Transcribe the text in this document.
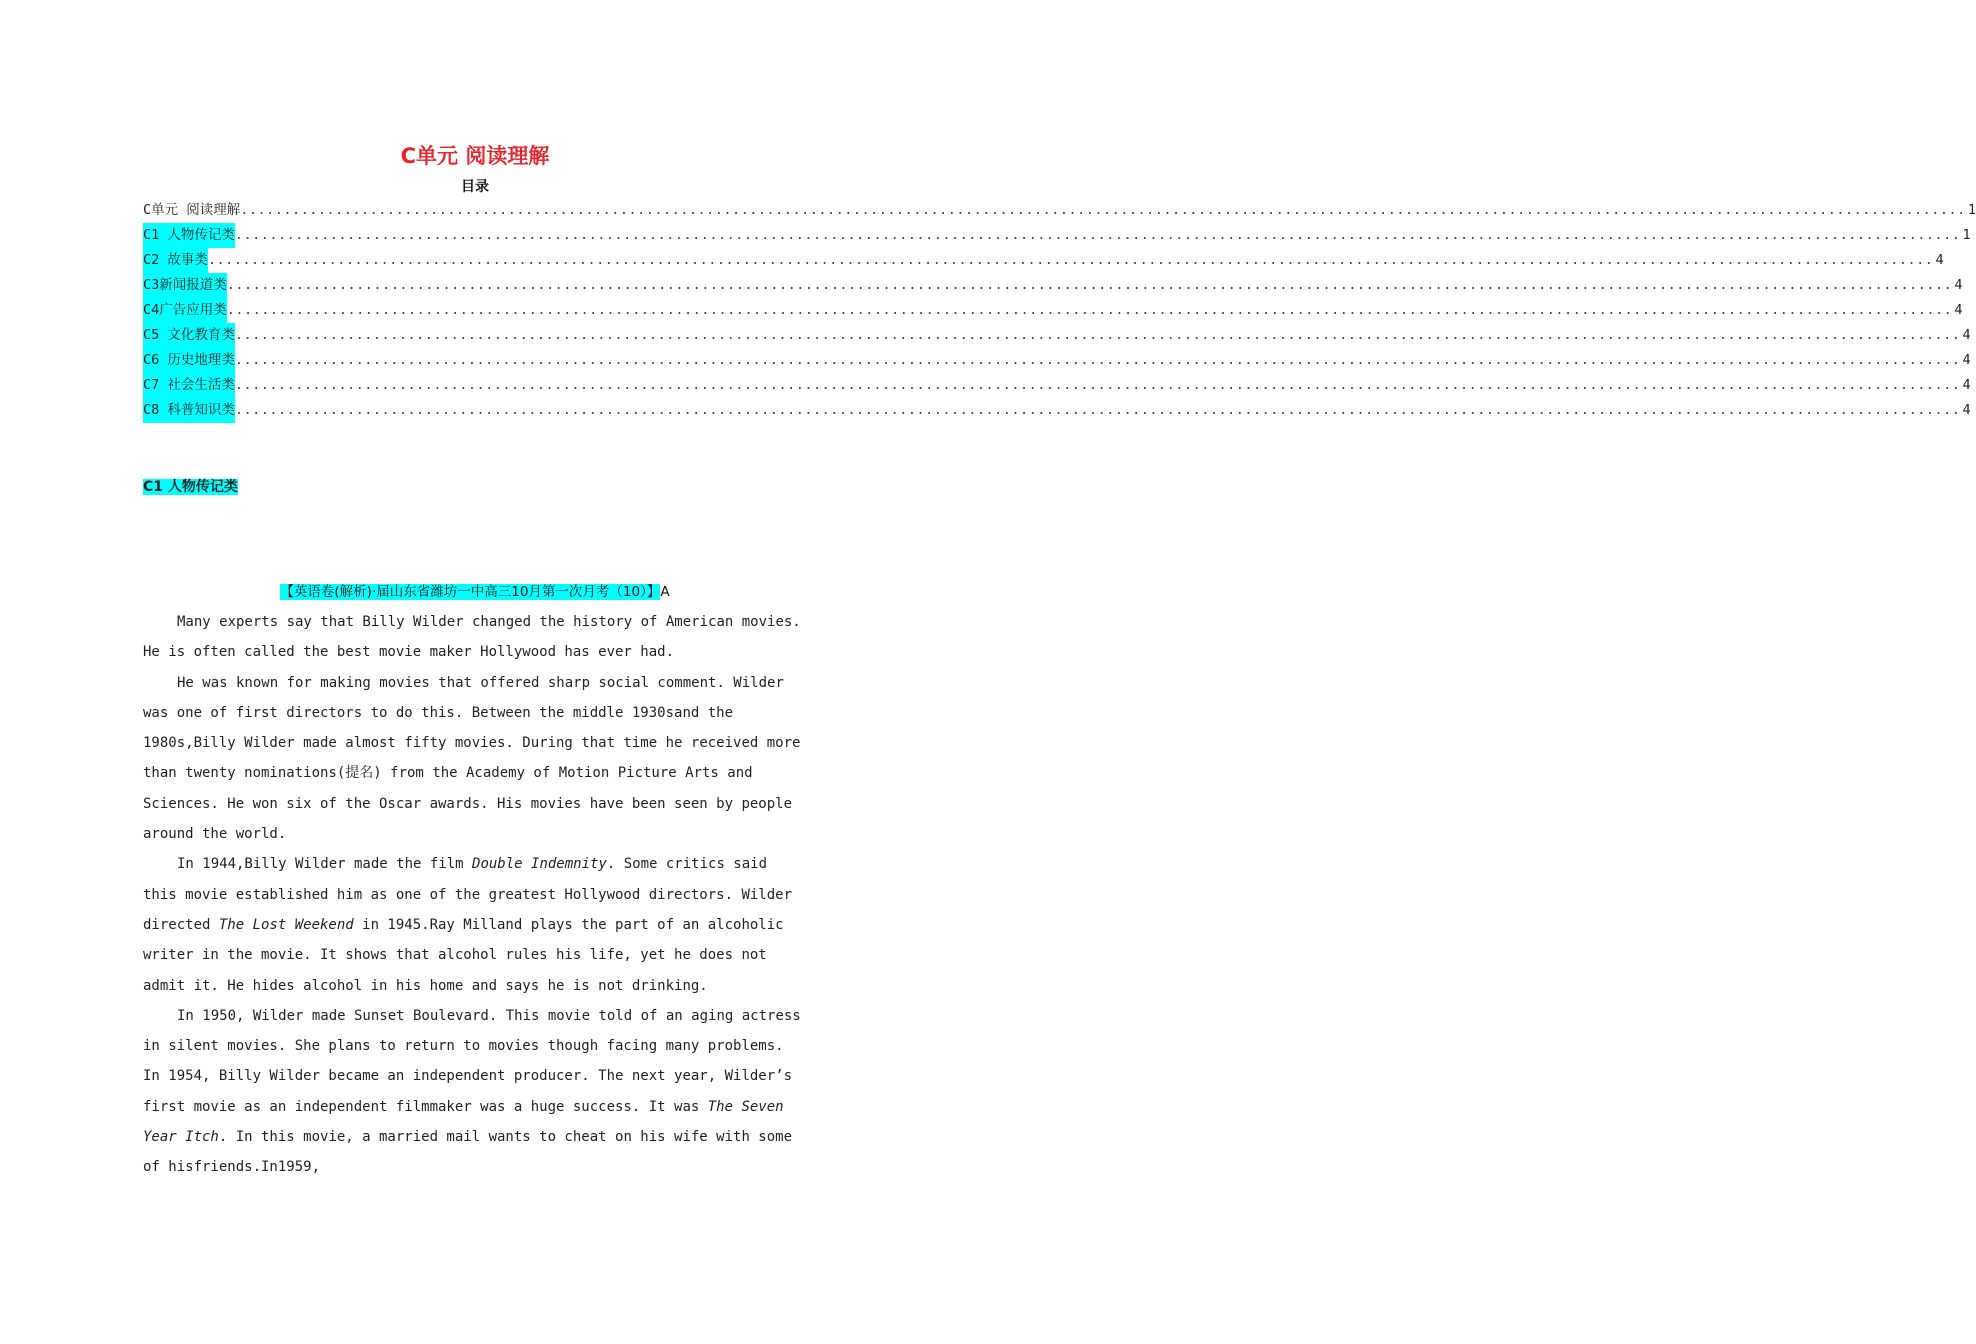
C单元 阅读理解
目录
C单元 阅读理解 ........................................................................................................................................................................................................ 1
C1 人物传记类 ........................................................................................................................................................................................................ 1
C2 故事类 ........................................................................................................................................................................................................ 4
C3新闻报道类 ........................................................................................................................................................................................................ 4
C4广告应用类 ........................................................................................................................................................................................................ 4
C5 文化教育类 ........................................................................................................................................................................................................ 4
C6 历史地理类 ........................................................................................................................................................................................................ 4
C7 社会生活类 ........................................................................................................................................................................................................ 4
C8 科普知识类 ........................................................................................................................................................................................................ 4
C1 人物传记类
【英语卷(解析)·届山东省潍坊一中高三10月第一次月考（10）】A

Many experts say that Billy Wilder changed the history of American movies. He is often called the best movie maker Hollywood has ever had.

He was known for making movies that offered sharp social comment. Wilder was one of first directors to do this. Between the middle 1930sand the 1980s,Billy Wilder made almost fifty movies. During that time he received more than twenty nominations(提名) from the Academy of Motion Picture Arts and Sciences. He won six of the Oscar awards. His movies have been seen by people around the world.

In 1944,Billy Wilder made the film Double Indemnity. Some critics said this movie established him as one of the greatest Hollywood directors. Wilder directed The Lost Weekend in 1945.Ray Milland plays the part of an alcoholic writer in the movie. It shows that alcohol rules his life, yet he does not admit it. He hides alcohol in his home and says he is not drinking.

In 1950, Wilder made Sunset Boulevard. This movie told of an aging actress in silent movies. She plans to return to movies though facing many problems. In 1954, Billy Wilder became an independent producer. The next year, Wilder’s first movie as an independent filmmaker was a huge success. It was The Seven Year Itch. In this movie, a married mail wants to cheat on his wife with some of hisfriends.In1959,
